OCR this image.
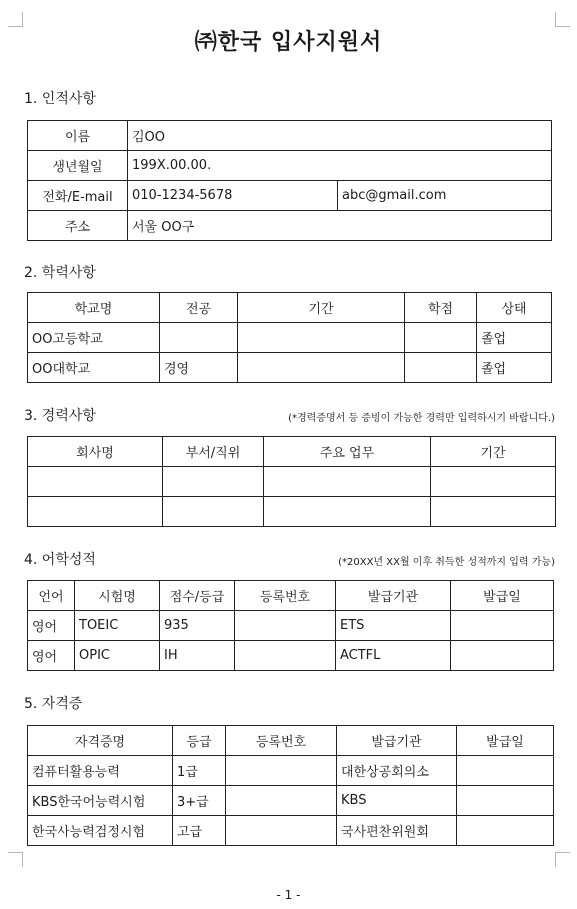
㈜한국 입사지원서
1. 인적사항
이름	김OO	
생년월일	199X.00.00.	
전화/E-mail	010-1234-5678	abc@gmail.com
주소	서울 OO구	
2. 학력사항
학교명	전공	기간	학점	상태
OO고등학교				졸업
OO대학교	경영			졸업
3. 경력사항	(*경력증명서 등 증빙이 가능한 경력만 입력하시기 바랍니다.)
회사명	부서/직위	주요 업무	기간

4. 어학성적	(*20XX년 XX월 이후 취득한 성적까지 입력 가능)
언어	시험명	점수/등급	등록번호	발급기관	발급일
영어	TOEIC	935		ETS	
영어	OPIC	IH		ACTFL	
5. 자격증
자격증명	등급	등록번호	발급기관	발급일
컴퓨터활용능력	1급		대한상공회의소	
KBS한국어능력시험	3+급		KBS	
한국사능력검정시험	고급		국사편찬위원회	
- 1 -
